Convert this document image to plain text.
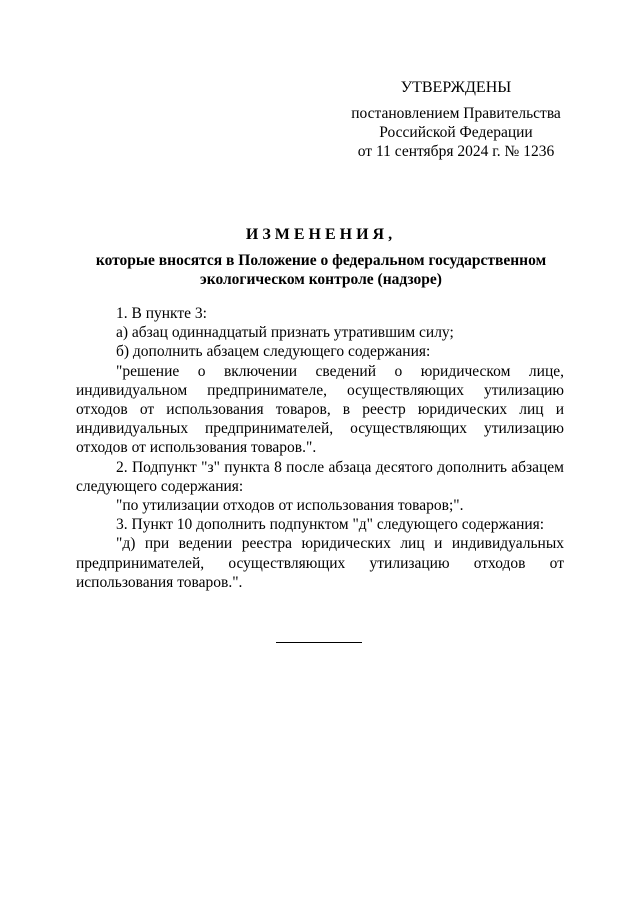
УТВЕРЖДЕНЫ
постановлением Правительства
Российской Федерации
от 11 сентября 2024 г. № 1236
ИЗМЕНЕНИЯ,
которые вносятся в Положение о федеральном государственном
экологическом контроле (надзоре)

1. В пункте 3:

а) абзац одиннадцатый признать утратившим силу;

б) дополнить абзацем следующего содержания:

"решение о включении сведений о юридическом лице, индивидуальном предпринимателе, осуществляющих утилизацию отходов от использования товаров, в реестр юридических лиц и индивидуальных предпринимателей, осуществляющих утилизацию отходов от использования товаров.".

2. Подпункт "з" пункта 8 после абзаца десятого дополнить абзацем следующего содержания:

"по утилизации отходов от использования товаров;".

3. Пункт 10 дополнить подпунктом "д" следующего содержания:

"д) при ведении реестра юридических лиц и индивидуальных предпринимателей, осуществляющих утилизацию отходов от использования товаров.".
